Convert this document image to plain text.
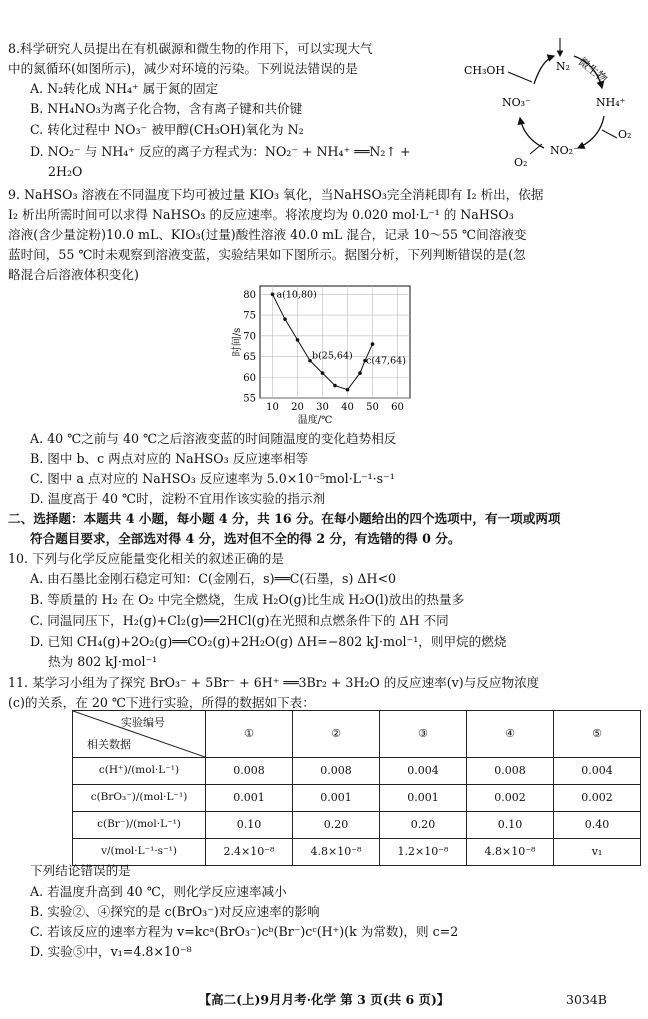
8.科学研究人员提出在有机碳源和微生物的作用下，可以实现大气
中的氮循环(如图所示)，减少对环境的污染。下列说法错误的是
A. N₂转化成 NH₄⁺ 属于氮的固定
B. NH₄NO₃为离子化合物，含有离子键和共价键
C. 转化过程中 NO₃⁻ 被甲醇(CH₃OH)氧化为 N₂
D. NO₂⁻ 与 NH₄⁺ 反应的离子方程式为：NO₂⁻ + NH₄⁺ ══N₂↑ +
2H₂O
CH₃OH	N₂ 微生物
NH₄⁺
O₂
NO₂⁻
O₂
NO₃⁻
9. NaHSO₃ 溶液在不同温度下均可被过量 KIO₃ 氧化，当NaHSO₃完全消耗即有 I₂ 析出，依据
I₂ 析出所需时间可以求得 NaHSO₃ 的反应速率。将浓度均为 0.020 mol·L⁻¹ 的 NaHSO₃
溶液(含少量淀粉)10.0 mL、KIO₃(过量)酸性溶液 40.0 mL 混合，记录 10～55 ℃间溶液变
蓝时间，55 ℃时未观察到溶液变蓝，实验结果如下图所示。据图分析，下列判断错误的是(忽
略混合后溶液体积变化)
10 20 30 40 50 60
55
60
65
70
75
80 a(10,80)
b(25,64) c(47,64)
温度/℃
时间/s
A. 40 ℃之前与 40 ℃之后溶液变蓝的时间随温度的变化趋势相反
B. 图中 b、c 两点对应的 NaHSO₃ 反应速率相等
C. 图中 a 点对应的 NaHSO₃ 反应速率为 5.0×10⁻⁵mol·L⁻¹·s⁻¹
D. 温度高于 40 ℃时，淀粉不宜用作该实验的指示剂
二、选择题：本题共 4 小题，每小题 4 分，共 16 分。在每小题给出的四个选项中，有一项或两项
符合题目要求，全部选对得 4 分，选对但不全的得 2 分，有选错的得 0 分。
10. 下列与化学反应能量变化相关的叙述正确的是
A. 由石墨比金刚石稳定可知：C(金刚石，s)══C(石墨，s) ΔH<0
B. 等质量的 H₂ 在 O₂ 中完全燃烧，生成 H₂O(g)比生成 H₂O(l)放出的热量多
C. 同温同压下，H₂(g)+Cl₂(g)══2HCl(g)在光照和点燃条件下的 ΔH 不同
D. 已知 CH₄(g)+2O₂(g)══CO₂(g)+2H₂O(g) ΔH=−802 kJ·mol⁻¹，则甲烷的燃烧
热为 802 kJ·mol⁻¹
11. 某学习小组为了探究 BrO₃⁻ + 5Br⁻ + 6H⁺ ══3Br₂ + 3H₂O 的反应速率(v)与反应物浓度
(c)的关系，在 20 ℃下进行实验，所得的数据如下表：
实验编号
相关数据	①	②	③	④	⑤
c(H⁺)/(mol·L⁻¹)	0.008	0.008	0.004	0.008	0.004
c(BrO₃⁻)/(mol·L⁻¹)	0.001	0.001	0.001	0.002	0.002
c(Br⁻)/(mol·L⁻¹)	0.10	0.20	0.20	0.10	0.40
v/(mol·L⁻¹·s⁻¹)	2.4×10⁻⁸	4.8×10⁻⁸	1.2×10⁻⁸	4.8×10⁻⁸	v₁
下列结论错误的是
A. 若温度升高到 40 ℃，则化学反应速率减小
B. 实验②、④探究的是 c(BrO₃⁻)对反应速率的影响
C. 若该反应的速率方程为 v=kcᵃ(BrO₃⁻)cᵇ(Br⁻)cᶜ(H⁺)(k 为常数)，则 c=2
D. 实验⑤中，v₁=4.8×10⁻⁸
【高二(上)9月月考·化学 第 3 页(共 6 页)】	3034B
